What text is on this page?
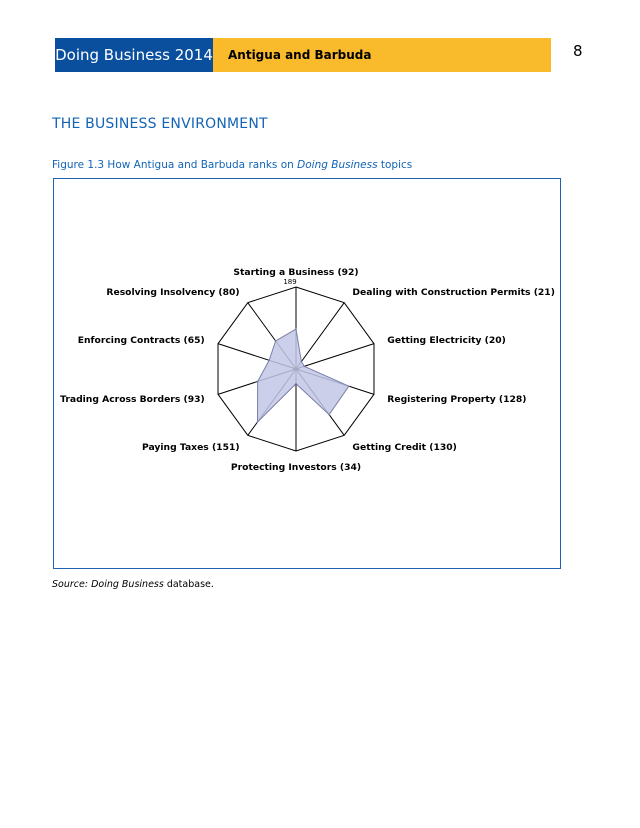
Doing Business 2014 Antigua and Barbuda	8
THE BUSINESS ENVIRONMENT
Figure 1.3 How Antigua and Barbuda ranks on Doing Business topics
189
Starting a Business (92)
Dealing with Construction Permits (21)
Getting Electricity (20)
Registering Property (128)
Getting Credit (130)
Protecting Investors (34)
Paying Taxes (151)
Trading Across Borders (93)
Enforcing Contracts (65)
Resolving Insolvency (80)
Source: Doing Business database.
